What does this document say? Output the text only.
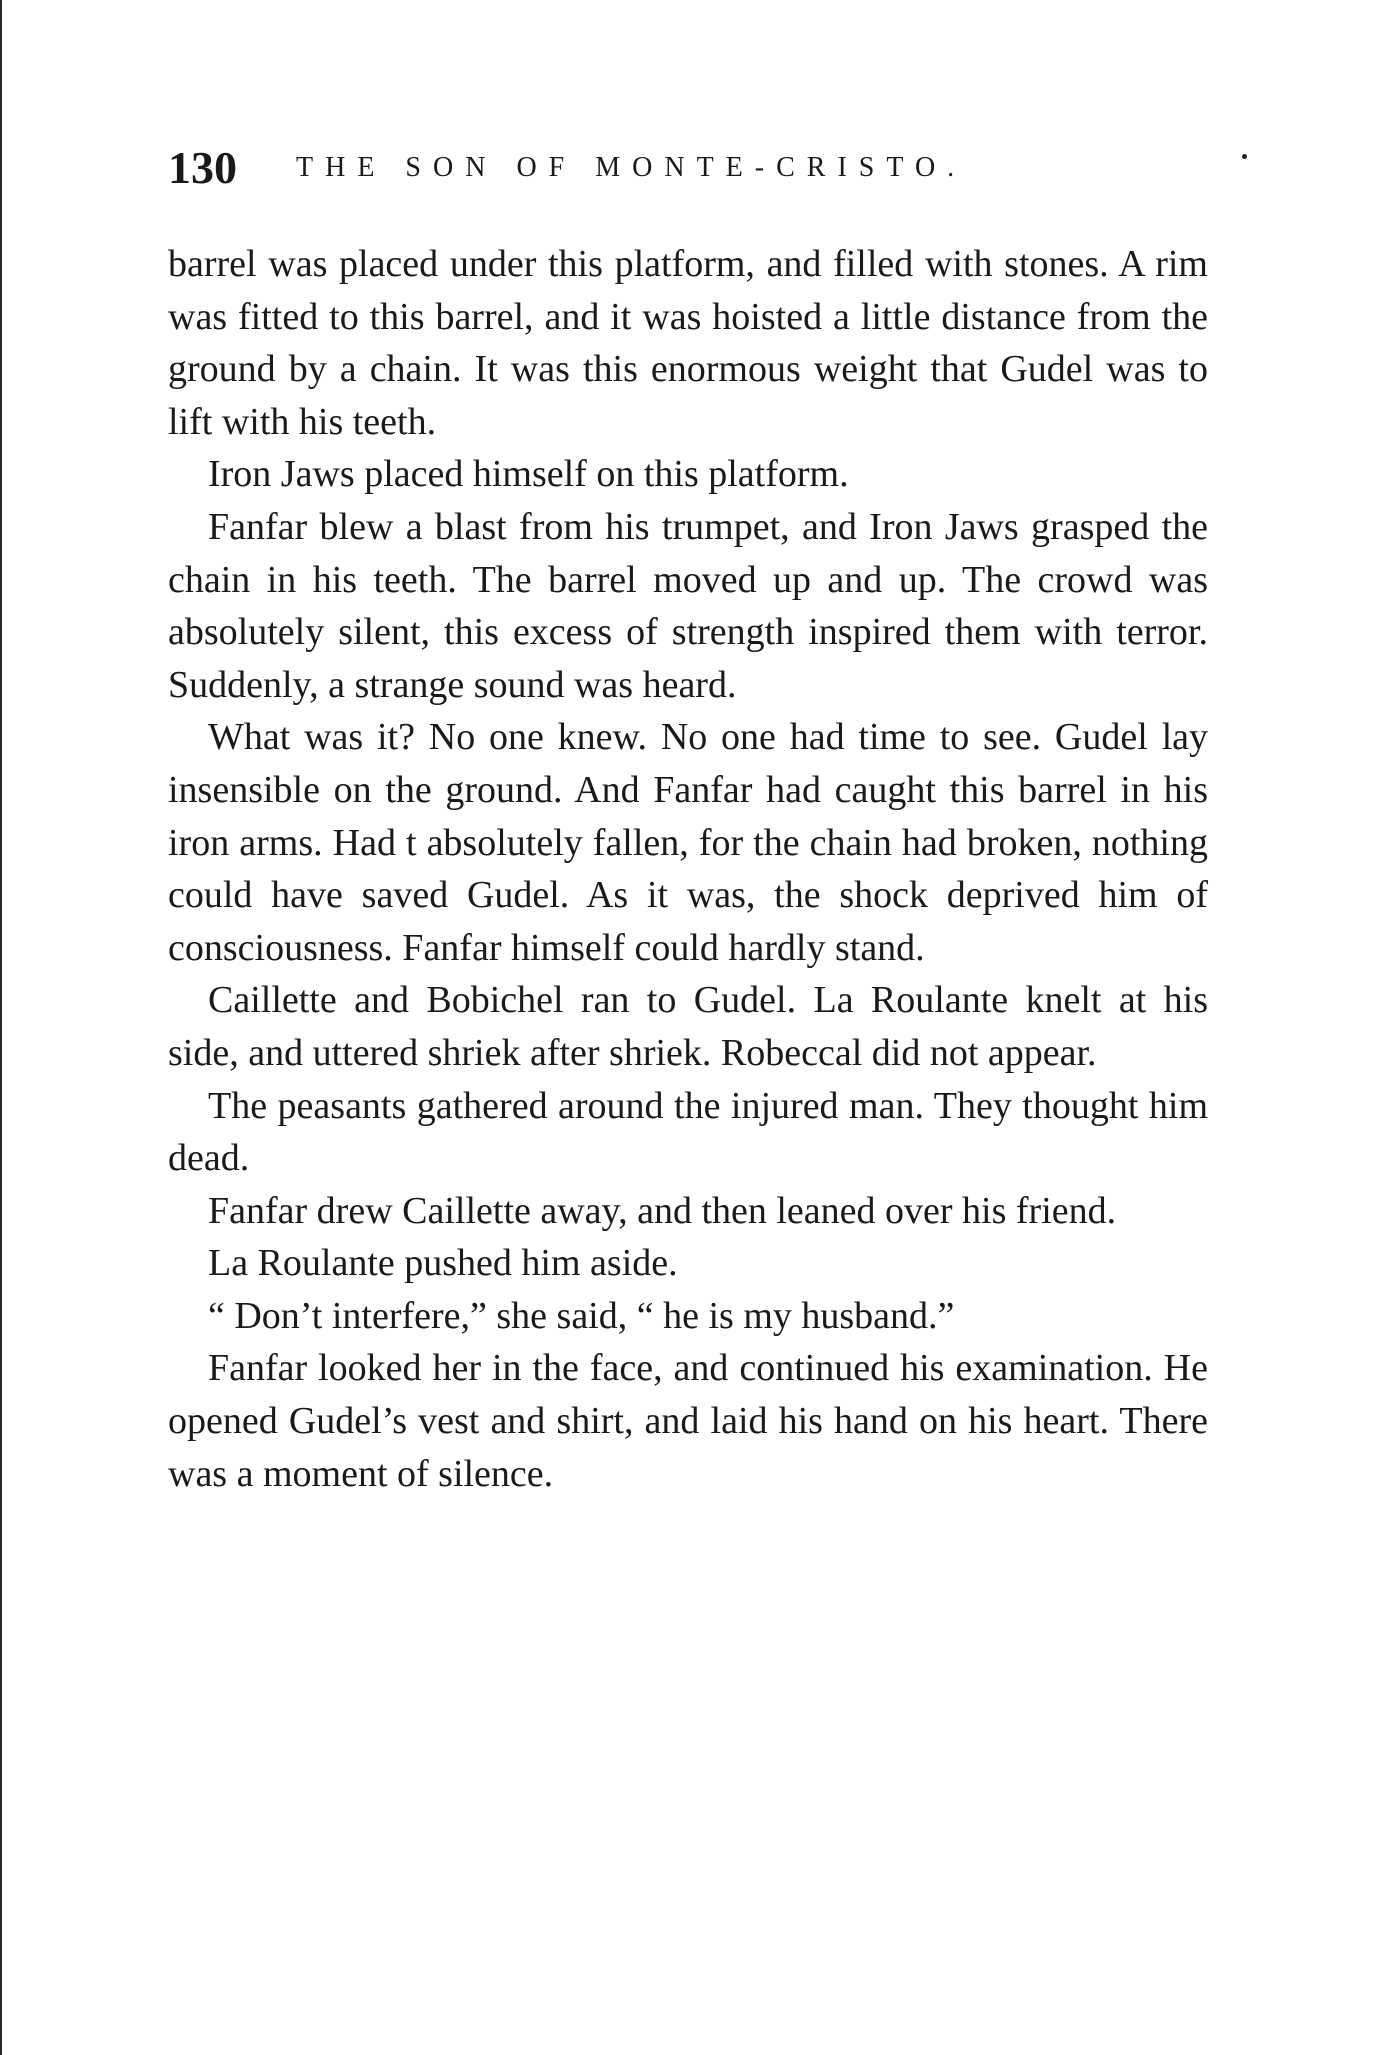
130 THE SON OF MONTE-CRISTO.

barrel was placed under this platform, and filled with stones. A rim was fitted to this barrel, and it was hoisted a little distance from the ground by a chain. It was this enormous weight that Gudel was to lift with his teeth.

Iron Jaws placed himself on this platform.

Fanfar blew a blast from his trumpet, and Iron Jaws grasped the chain in his teeth. The barrel moved up and up. The crowd was absolutely silent, this excess of strength inspired them with terror. Suddenly, a strange sound was heard.

What was it? No one knew. No one had time to see. Gudel lay insensible on the ground. And Fanfar had caught this barrel in his iron arms. Had t absolutely fallen, for the chain had broken, nothing could have saved Gudel. As it was, the shock deprived him of consciousness. Fanfar himself could hardly stand.

Caillette and Bobichel ran to Gudel. La Roulante knelt at his side, and uttered shriek after shriek. Robeccal did not appear.

The peasants gathered around the injured man. They thought him dead.

Fanfar drew Caillette away, and then leaned over his friend.

La Roulante pushed him aside.

“ Don’t interfere,” she said, “ he is my husband.”

Fanfar looked her in the face, and continued his examination. He opened Gudel’s vest and shirt, and laid his hand on his heart. There was a moment of silence.
